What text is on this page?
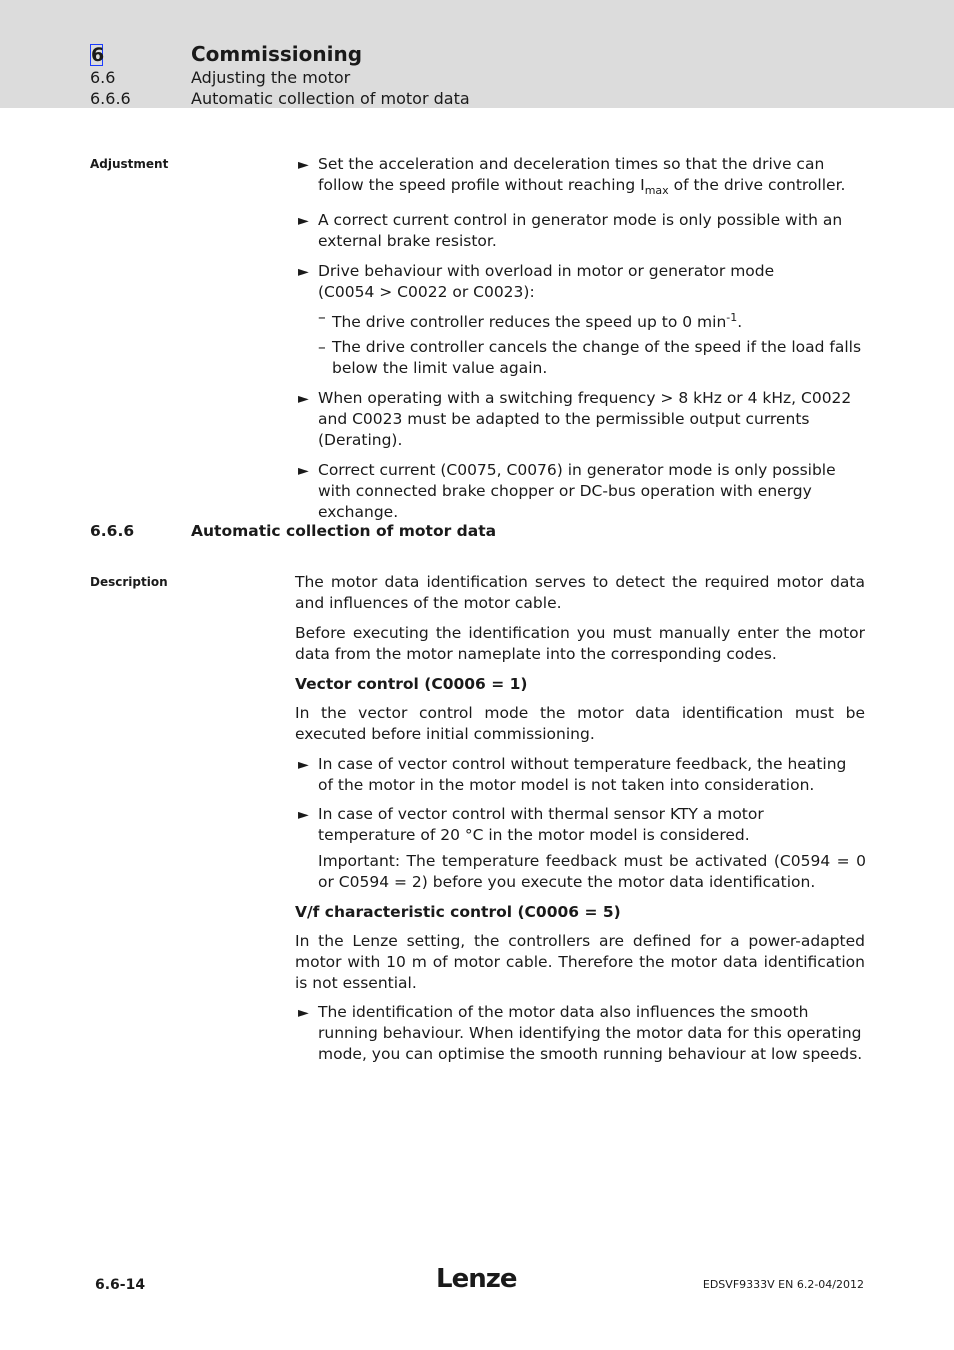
6	Commissioning
6.6	Adjusting the motor
6.6.6	Automatic collection of motor data
Adjustment	► Set the acceleration and deceleration times so that the drive can follow the speed profile without reaching $I_{max}$ of the drive controller.
► A correct current control in generator mode is only possible with an external brake resistor.
► Drive behaviour with overload in motor or generator mode
(C0054 > C0022 or C0023):
– The drive controller reduces the speed up to 0 $\min^{-1}$.
– The drive controller cancels the change of the speed if the load falls below the limit value again.
► When operating with a switching frequency > 8 kHz or 4 kHz, C0022 and C0023 must be adapted to the permissible output currents (Derating).
► Correct current (C0075, C0076) in generator mode is only possible with connected brake chopper or DC-bus operation with energy exchange.
6.6.6	Automatic collection of motor data
Description	The motor data identification serves to detect the required motor data and influences of the motor cable.

Before executing the identification you must manually enter the motor data from the motor nameplate into the corresponding codes.

Vector control (C0006 = 1)

In the vector control mode the motor data identification must be executed before initial commissioning.

► In case of vector control without temperature feedback, the heating of the motor in the motor model is not taken into consideration.
► In case of vector control with thermal sensor KTY a motor temperature of 20 °C in the motor model is considered.
Important: The temperature feedback must be activated (C0594 = 0 or C0594 = 2) before you execute the motor data identification.
V/f characteristic control (C0006 = 5)

In the Lenze setting, the controllers are defined for a power-adapted motor with 10 m of motor cable. Therefore the motor data identification is not essential.

► The identification of the motor data also influences the smooth running behaviour. When identifying the motor data for this operating mode, you can optimise the smooth running behaviour at low speeds.
6.6-14	Lenze	EDSVF9333V EN 6.2-04/2012
